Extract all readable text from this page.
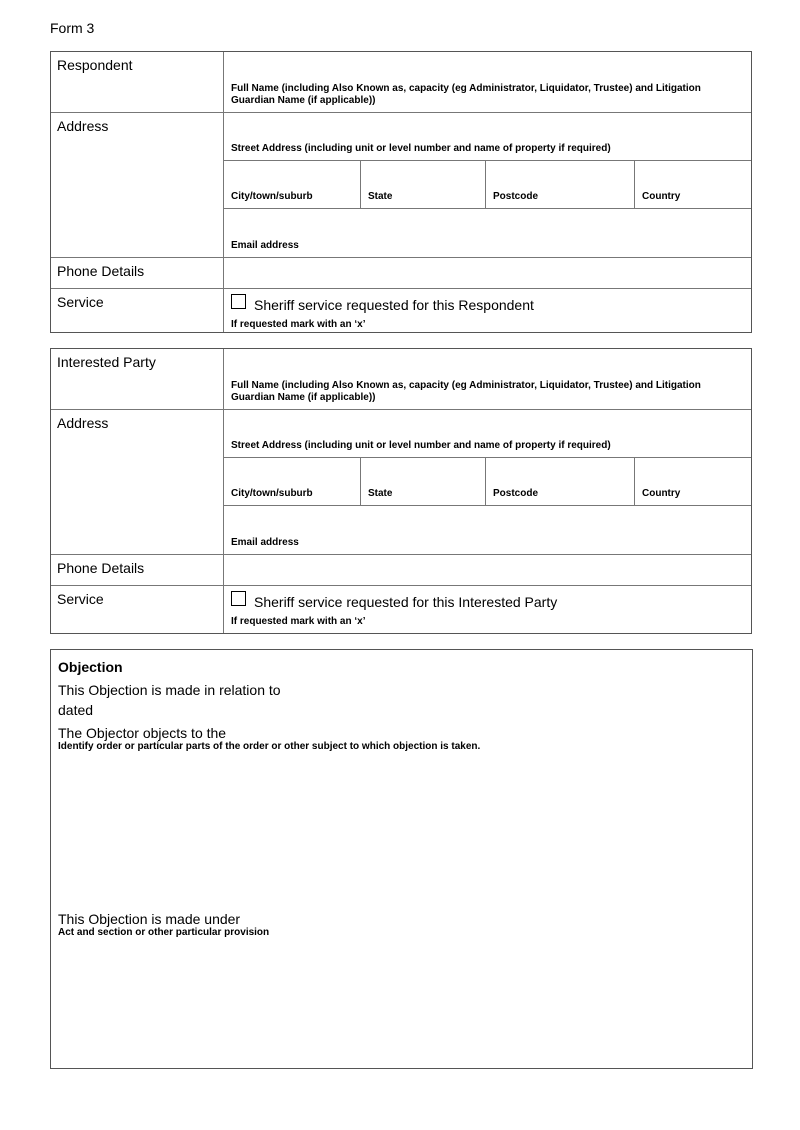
Form 3
Respondent
Full Name (including Also Known as, capacity (eg Administrator, Liquidator, Trustee) and Litigation Guardian Name (if applicable))
Address
Street Address (including unit or level number and name of property if required)
City/town/suburb	State	Postcode	Country
Email address
Phone Details
Service	Sheriff service requested for this Respondent
If requested mark with an ‘x’
Interested Party
Full Name (including Also Known as, capacity (eg Administrator, Liquidator, Trustee) and Litigation Guardian Name (if applicable))
Address
Street Address (including unit or level number and name of property if required)
City/town/suburb	State	Postcode	Country
Email address
Phone Details
Service	Sheriff service requested for this Interested Party
If requested mark with an ‘x’
Objection
This Objection is made in relation to
dated
The Objector objects to the
Identify order or particular parts of the order or other subject to which objection is taken.
This Objection is made under
Act and section or other particular provision
